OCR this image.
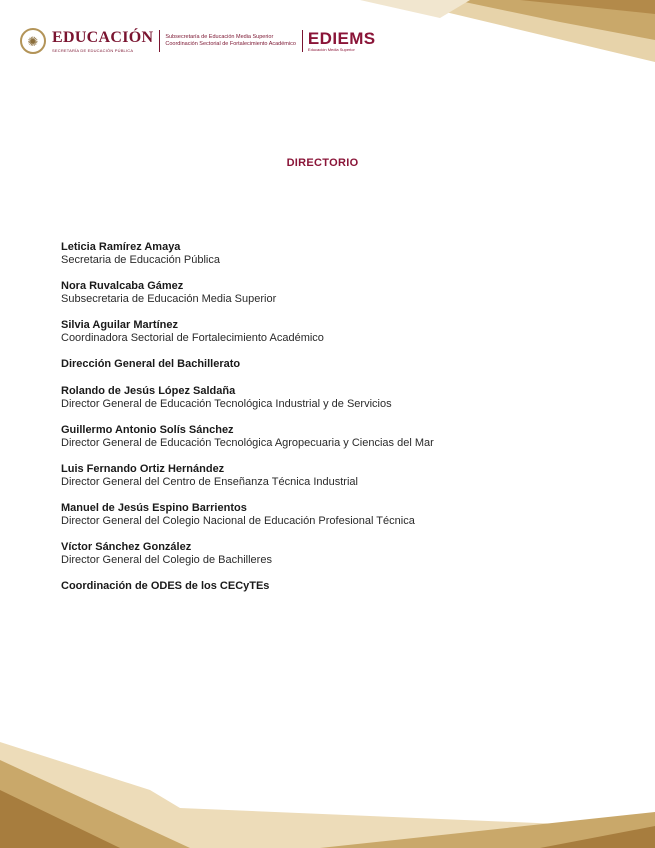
✺ EDUCACIÓN
SECRETARÍA DE EDUCACIÓN PÚBLICA
Subsecretaría de Educación Media Superior
Coordinación Sectorial de Fortalecimiento Académico EDIEMS
Educación Media Superior
DIRECTORIO
Leticia Ramírez Amaya
Secretaria de Educación Pública
Nora Ruvalcaba Gámez
Subsecretaria de Educación Media Superior
Silvia Aguilar Martínez
Coordinadora Sectorial de Fortalecimiento Académico
Dirección General del Bachillerato
Rolando de Jesús López Saldaña
Director General de Educación Tecnológica Industrial y de Servicios
Guillermo Antonio Solís Sánchez
Director General de Educación Tecnológica Agropecuaria y Ciencias del Mar
Luis Fernando Ortiz Hernández
Director General del Centro de Enseñanza Técnica Industrial
Manuel de Jesús Espino Barrientos
Director General del Colegio Nacional de Educación Profesional Técnica
Víctor Sánchez González
Director General del Colegio de Bachilleres
Coordinación de ODES de los CECyTEs
